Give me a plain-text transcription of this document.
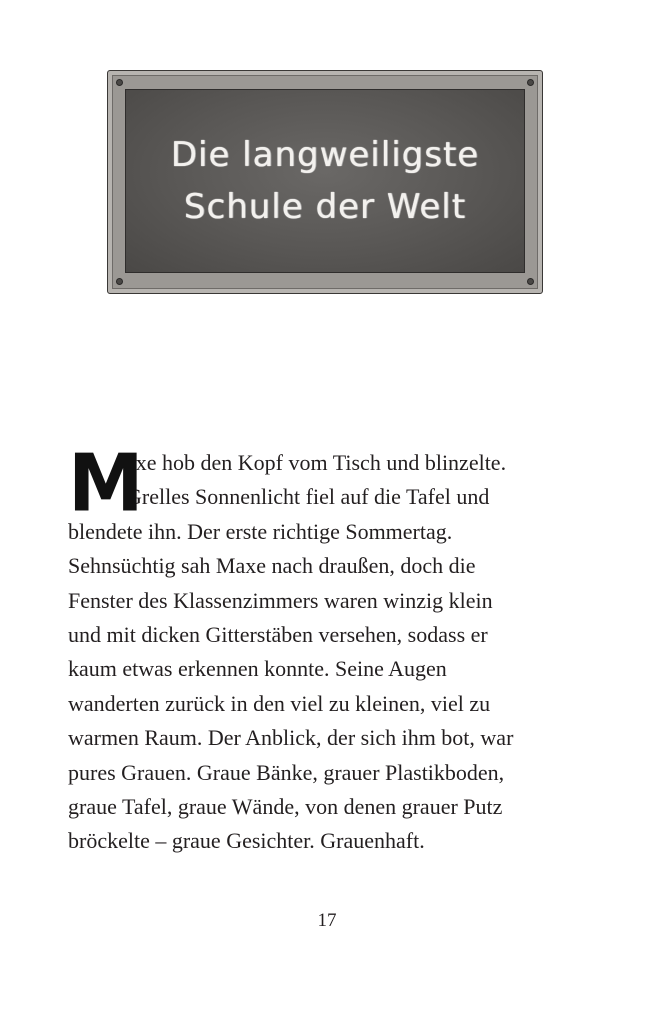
Die langweiligste
Schule der Welt
M
axe hob den Kopf vom Tisch und blinzelte.
Grelles Sonnenlicht fiel auf die Tafel und
blendete ihn. Der erste richtige Sommertag.
Sehnsüchtig sah Maxe nach draußen, doch die
Fenster des Klassenzimmers waren winzig klein
und mit dicken Gitterstäben versehen, sodass er
kaum etwas erkennen konnte. Seine Augen
wanderten zurück in den viel zu kleinen, viel zu
warmen Raum. Der Anblick, der sich ihm bot, war
pures Grauen. Graue Bänke, grauer Plastikboden,
graue Tafel, graue Wände, von denen grauer Putz
bröckelte – graue Gesichter. Grauenhaft.
17
